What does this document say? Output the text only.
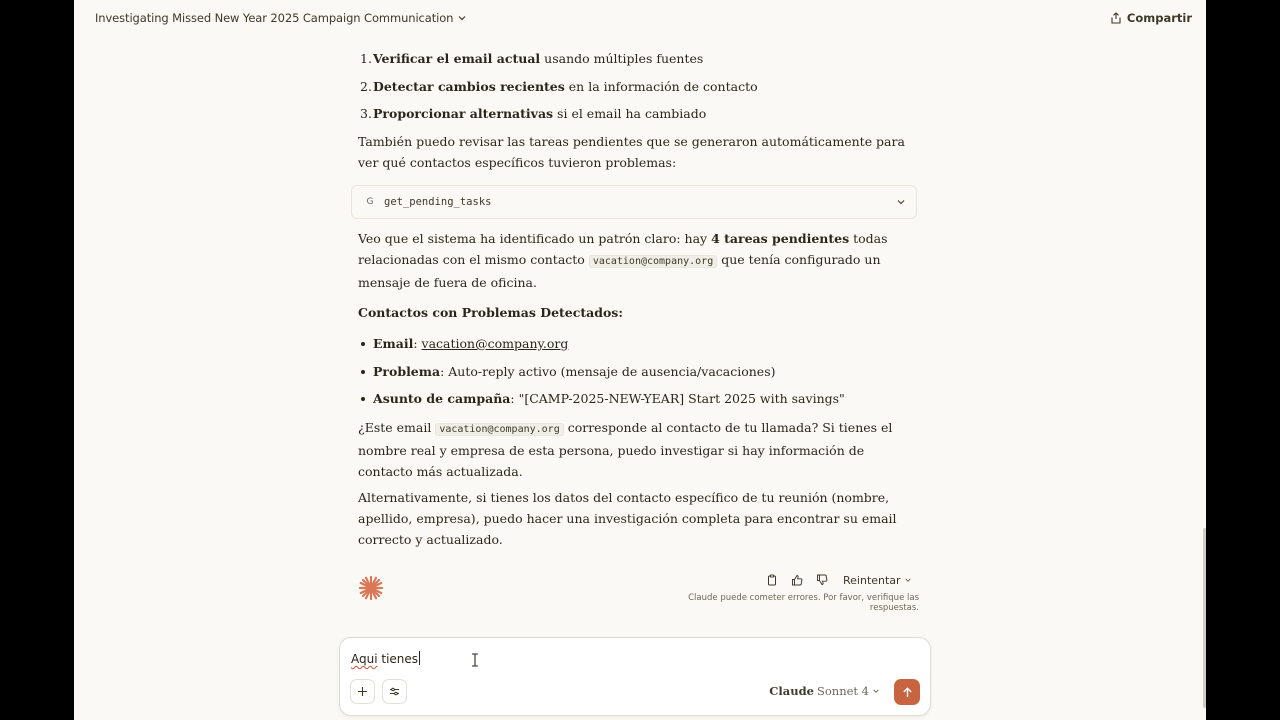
Investigating Missed New Year 2025 Campaign Communication	Compartir
1. Verificar el email actual usando múltiples fuentes
2. Detectar cambios recientes en la información de contacto
3. Proporcionar alternativas si el email ha cambiado

También puedo revisar las tareas pendientes que se generaron automáticamente para ver qué contactos específicos tuvieron problemas:

G	get_pending_tasks

Veo que el sistema ha identificado un patrón claro: hay 4 tareas pendientes todas relacionadas con el mismo contacto vacation@company.org que tenía configurado un mensaje de fuera de oficina.

Contactos con Problemas Detectados:

Email: vacation@company.org
Problema: Auto-reply activo (mensaje de ausencia/vacaciones)
Asunto de campaña: "[CAMP-2025-NEW-YEAR] Start 2025 with savings"

¿Este email vacation@company.org corresponde al contacto de tu llamada? Si tienes el nombre real y empresa de esta persona, puedo investigar si hay información de contacto más actualizada.

Alternativamente, si tienes los datos del contacto específico de tu reunión (nombre, apellido, empresa), puedo hacer una investigación completa para encontrar su email correcto y actualizado.

Reintentar
Claude puede cometer errores. Por favor, verifique las respuestas.
Aqui tienes
Claude Sonnet 4
